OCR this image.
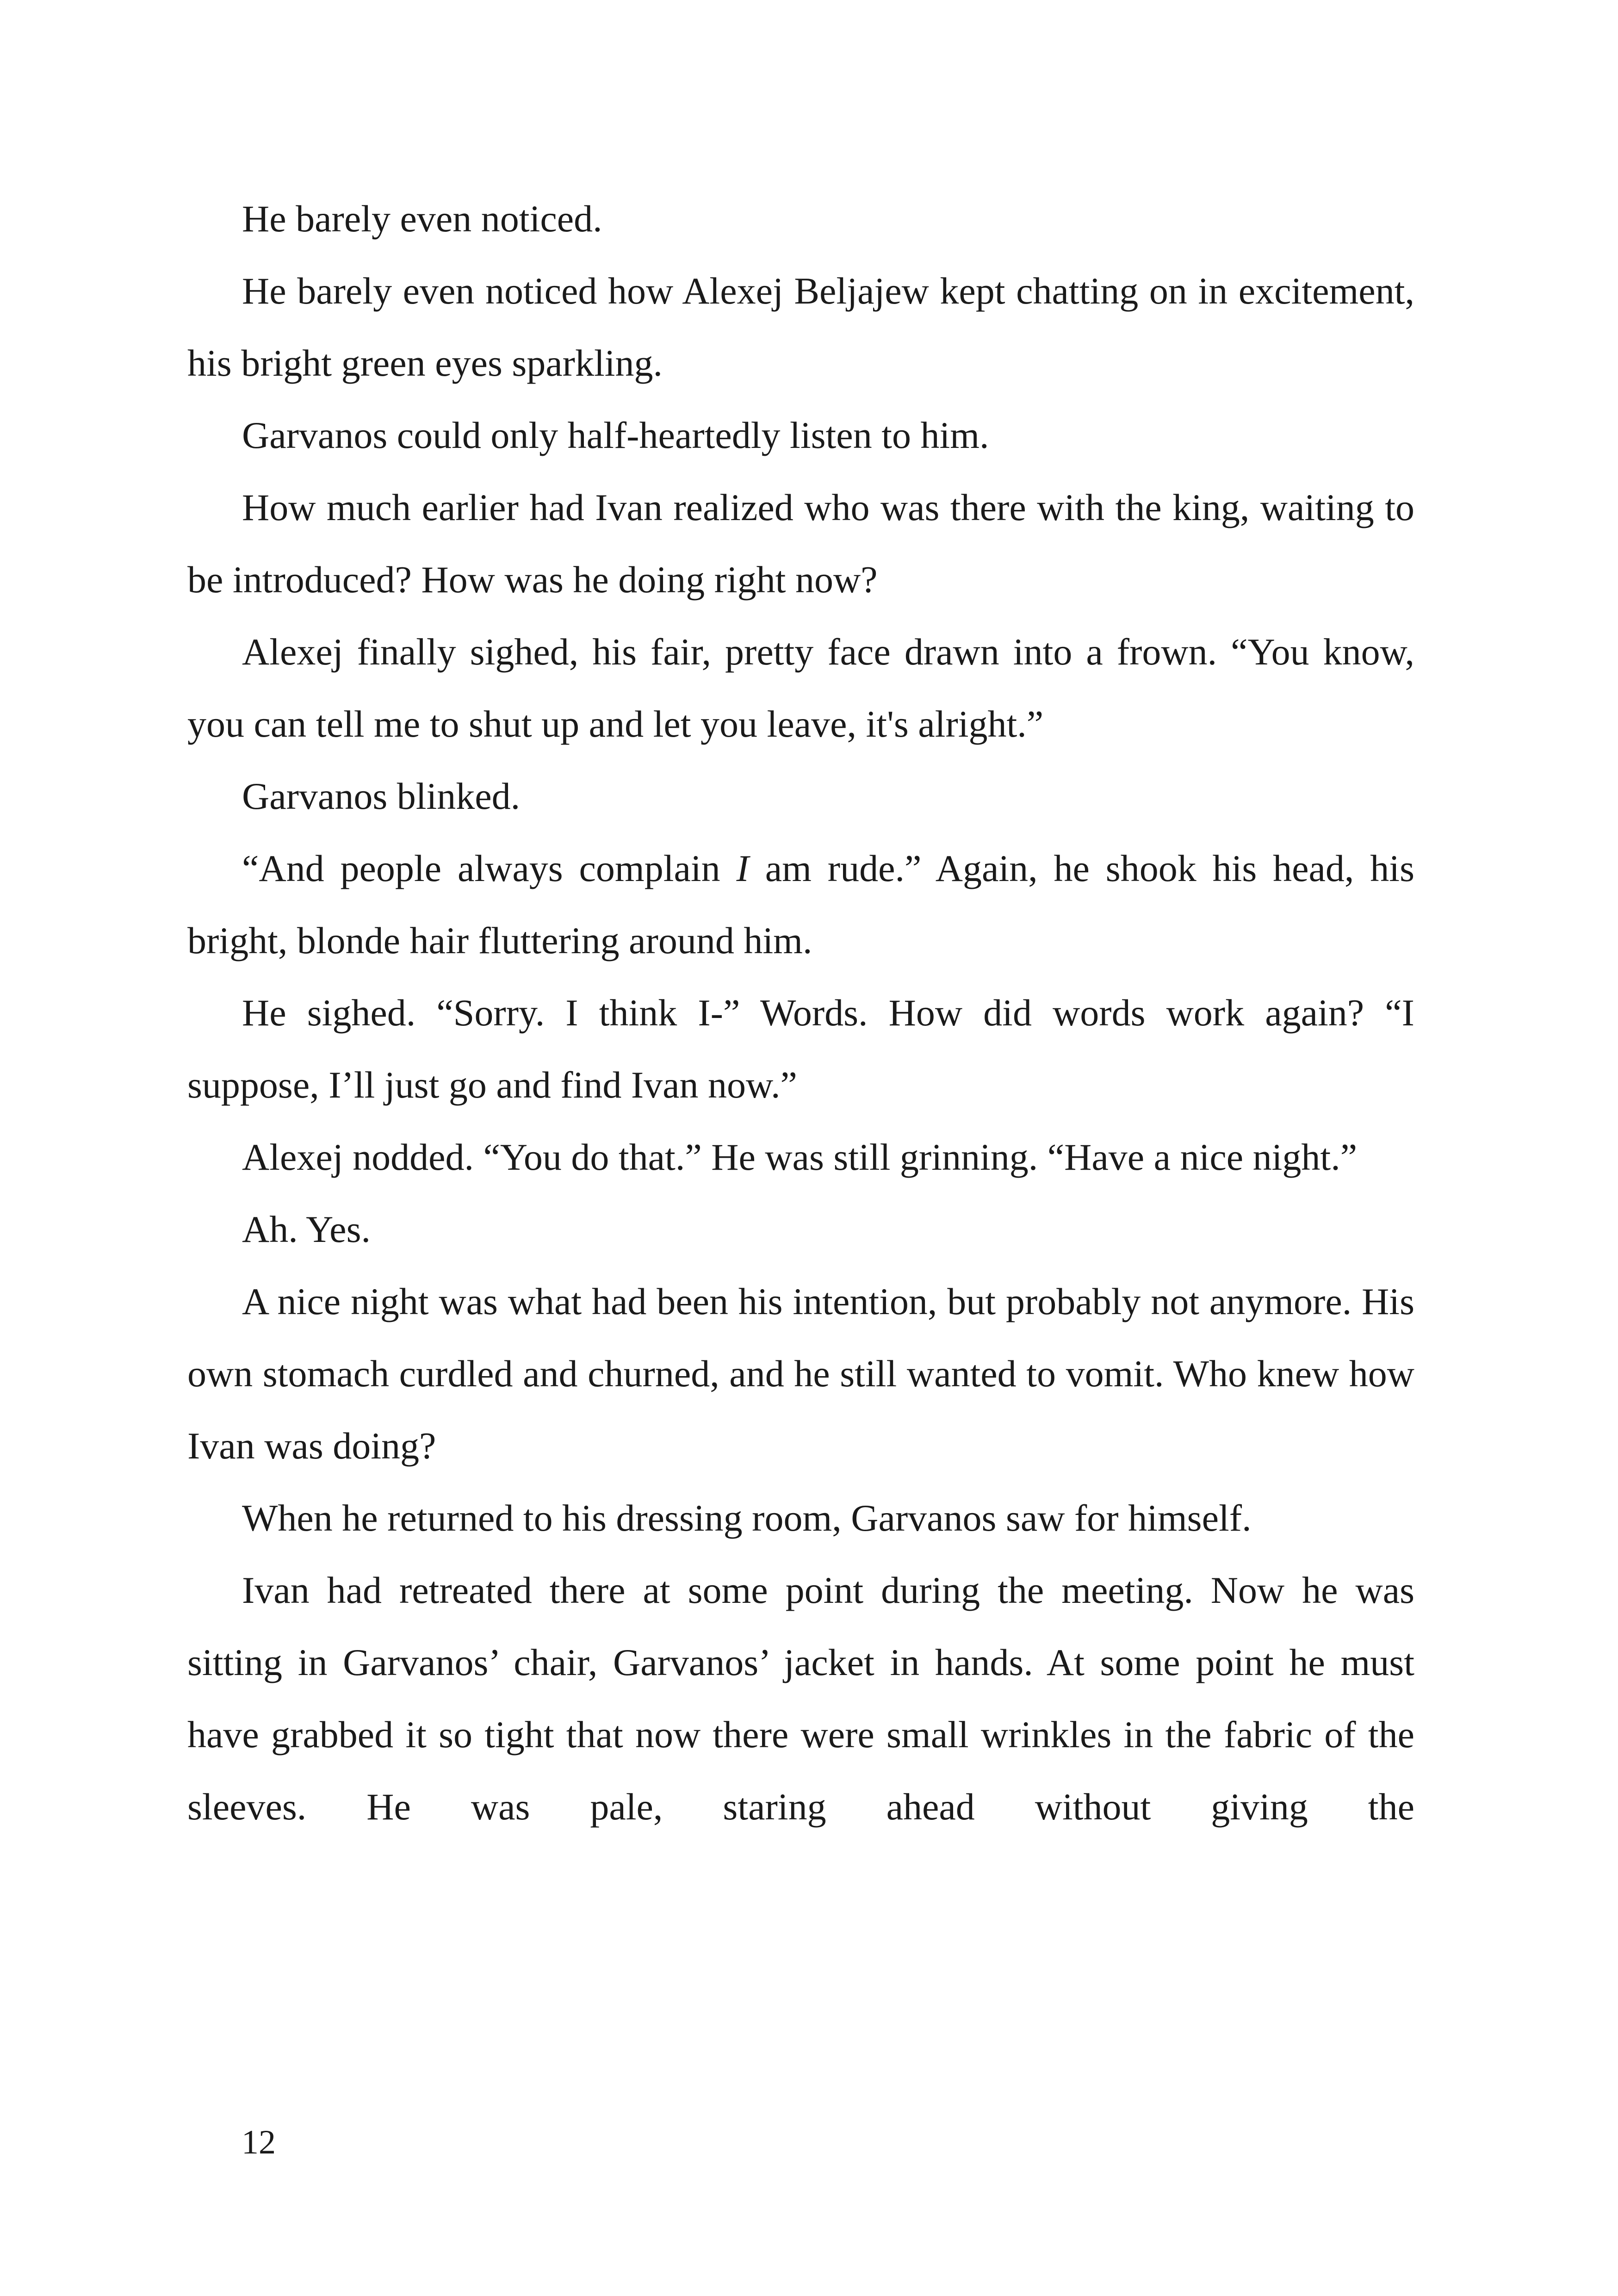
He barely even noticed.

He barely even noticed how Alexej Beljajew kept chatting on in excitement, his bright green eyes sparkling.

Garvanos could only half-heartedly listen to him.

How much earlier had Ivan realized who was there with the king, waiting to be introduced? How was he doing right now?

Alexej finally sighed, his fair, pretty face drawn into a frown. “You know, you can tell me to shut up and let you leave, it's alright.”

Garvanos blinked.

“And people always complain I am rude.” Again, he shook his head, his bright, blonde hair fluttering around him.

He sighed. “Sorry. I think I-” Words. How did words work again? “I suppose, I’ll just go and find Ivan now.”

Alexej nodded. “You do that.” He was still grinning. “Have a nice night.”

Ah. Yes.

A nice night was what had been his intention, but probably not anymore. His own stomach curdled and churned, and he still wanted to vomit. Who knew how Ivan was doing?

When he returned to his dressing room, Garvanos saw for himself.

Ivan had retreated there at some point during the meeting. Now he was sitting in Garvanos’ chair, Garvanos’ jacket in hands. At some point he must have grabbed it so tight that now there were small wrinkles in the fabric of the sleeves. He was pale, staring ahead without giving the

12
